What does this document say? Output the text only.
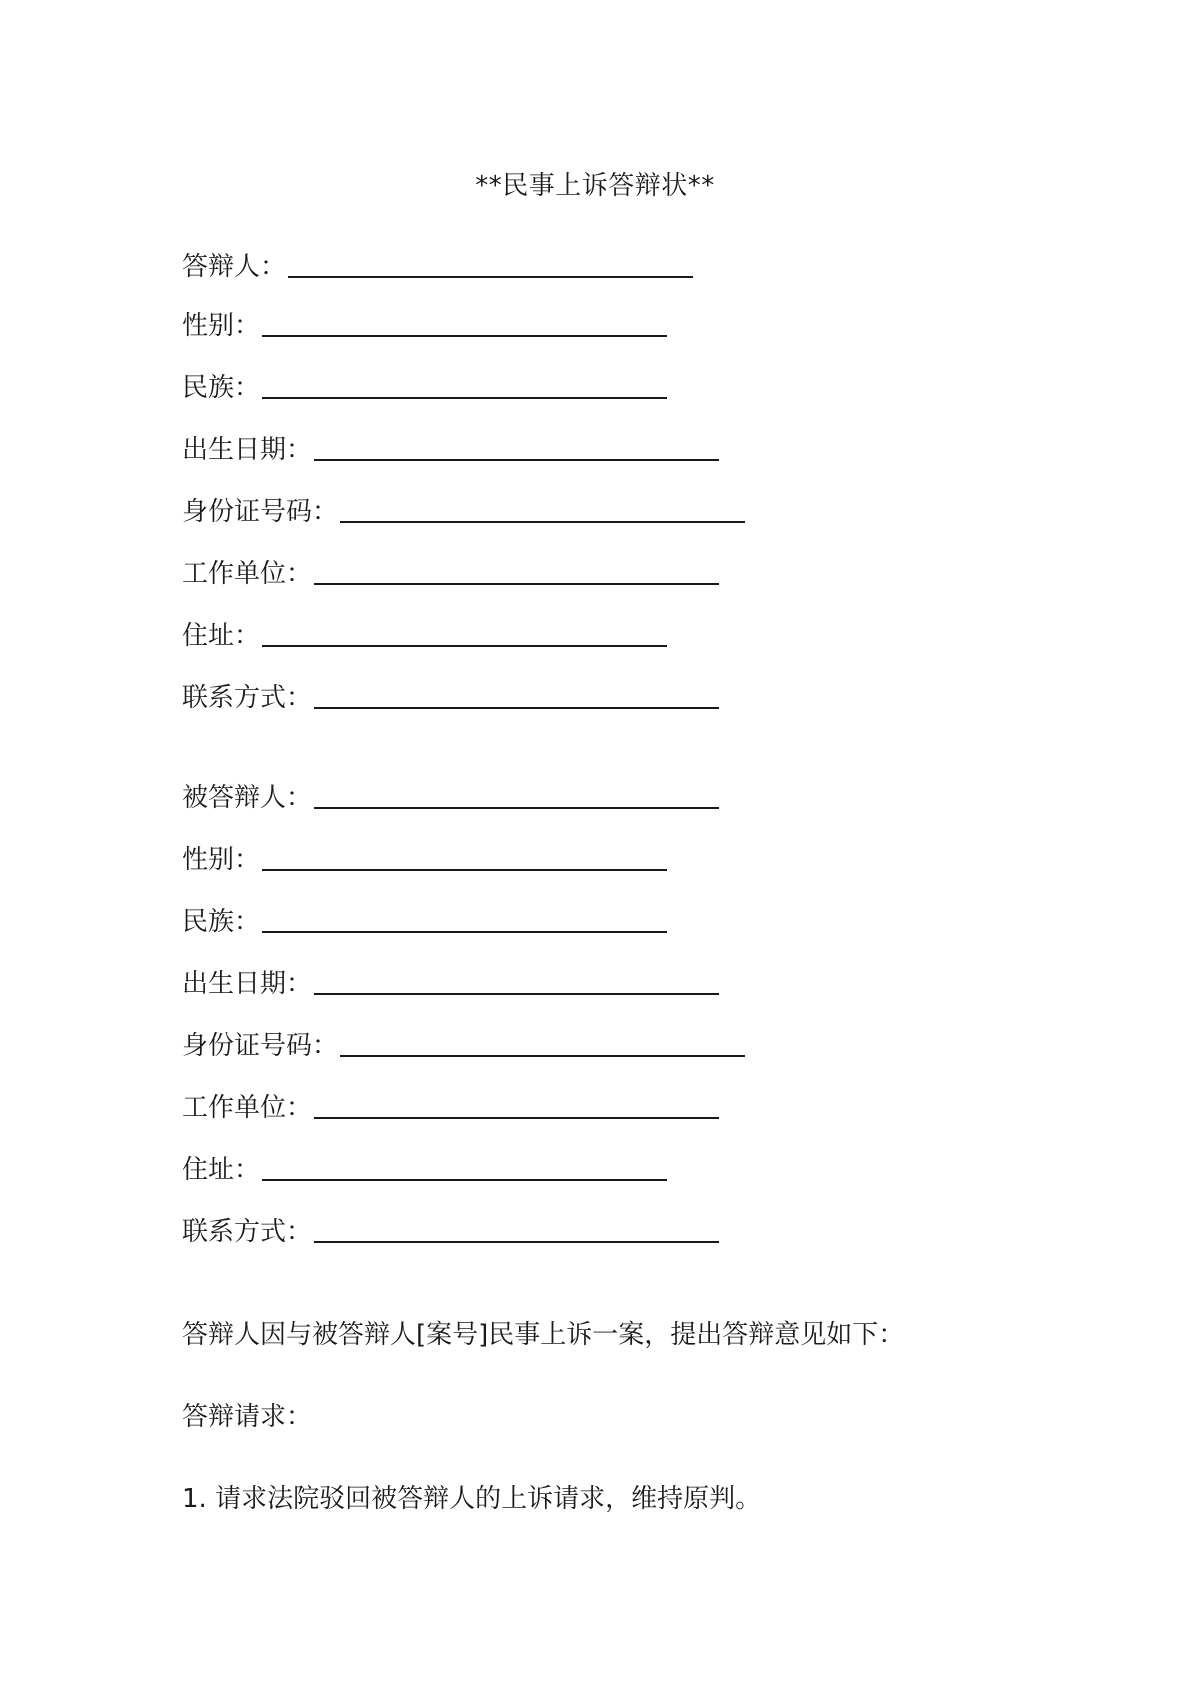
**民事上诉答辩状**
答辩人：
性别：
民族：
出生日期：
身份证号码：
工作单位：
住址：
联系方式：
被答辩人：
性别：
民族：
出生日期：
身份证号码：
工作单位：
住址：
联系方式：
答辩人因与被答辩人[案号]民事上诉一案，提出答辩意见如下：
答辩请求：
1. 请求法院驳回被答辩人的上诉请求，维持原判。
